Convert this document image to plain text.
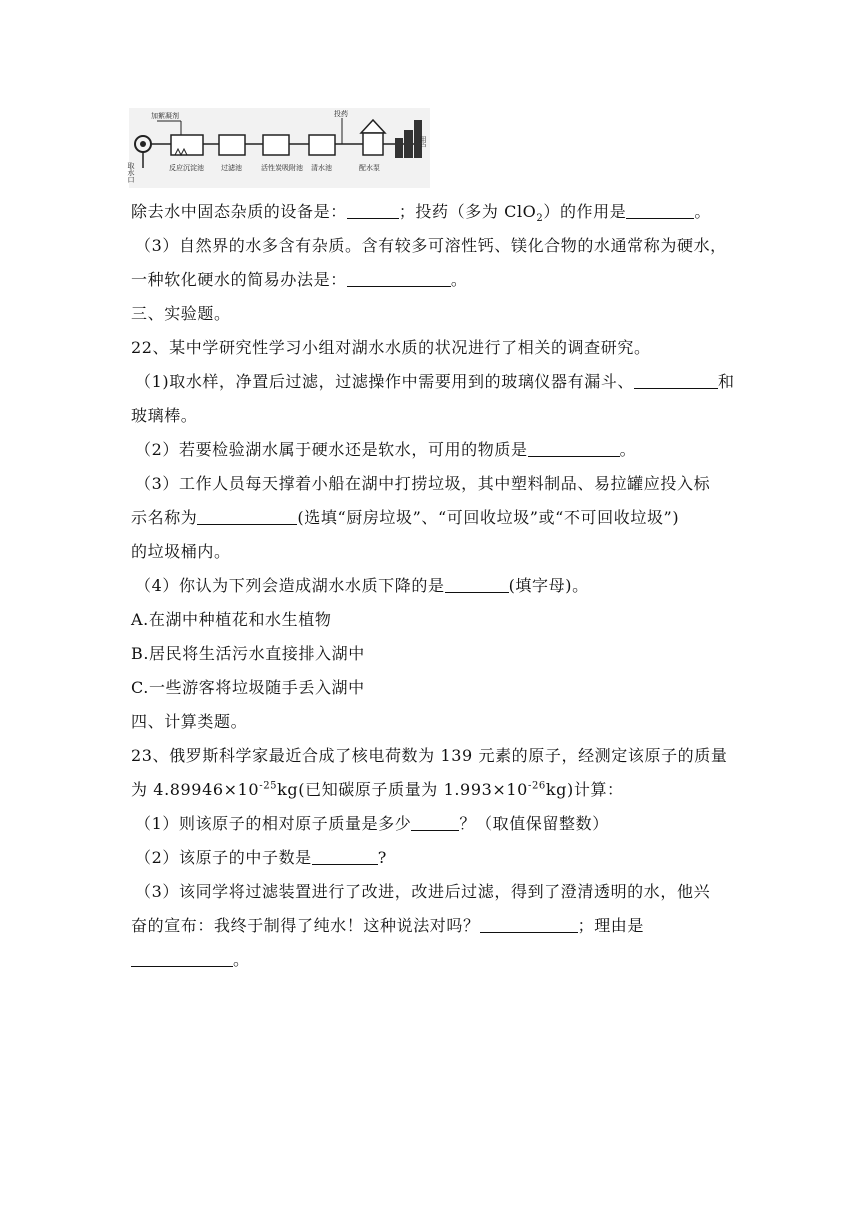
取水口
加絮凝剂
反应沉淀池 过滤池	活性炭吸附池 清水池
投药
配水泵
用户
除去水中固态杂质的设备是：	；投药（多为 ClO$_2$）的作用是	。
（3）自然界的水多含有杂质。含有较多可溶性钙、镁化合物的水通常称为硬水，
一种软化硬水的简易办法是：	。
三、实验题。
22、某中学研究性学习小组对湖水水质的状况进行了相关的调查研究。
（1)取水样，净置后过滤，过滤操作中需要用到的玻璃仪器有漏斗、	和
玻璃棒。
（2）若要检验湖水属于硬水还是软水，可用的物质是	。
（3）工作人员每天撑着小船在湖中打捞垃圾，其中塑料制品、易拉罐应投入标
示名称为	(选填“厨房垃圾”、“可回收垃圾”或“不可回收垃圾”)
的垃圾桶内。
（4）你认为下列会造成湖水水质下降的是	(填字母)。
A.在湖中种植花和水生植物
B.居民将生活污水直接排入湖中
C.一些游客将垃圾随手丢入湖中
四、计算类题。
23、俄罗斯科学家最近合成了核电荷数为 139 元素的原子，经测定该原子的质量
为 $4.89946\times 10^{-25}kg$(已知碳原子质量为 $1.993\times 10^{-26}kg$)计算：
（1）则该原子的相对原子质量是多少	？（取值保留整数）
（2）该原子的中子数是	?
（3）该同学将过滤装置进行了改进，改进后过滤，得到了澄清透明的水，他兴
奋的宣布：我终于制得了纯水！这种说法对吗？	；理由是
。
